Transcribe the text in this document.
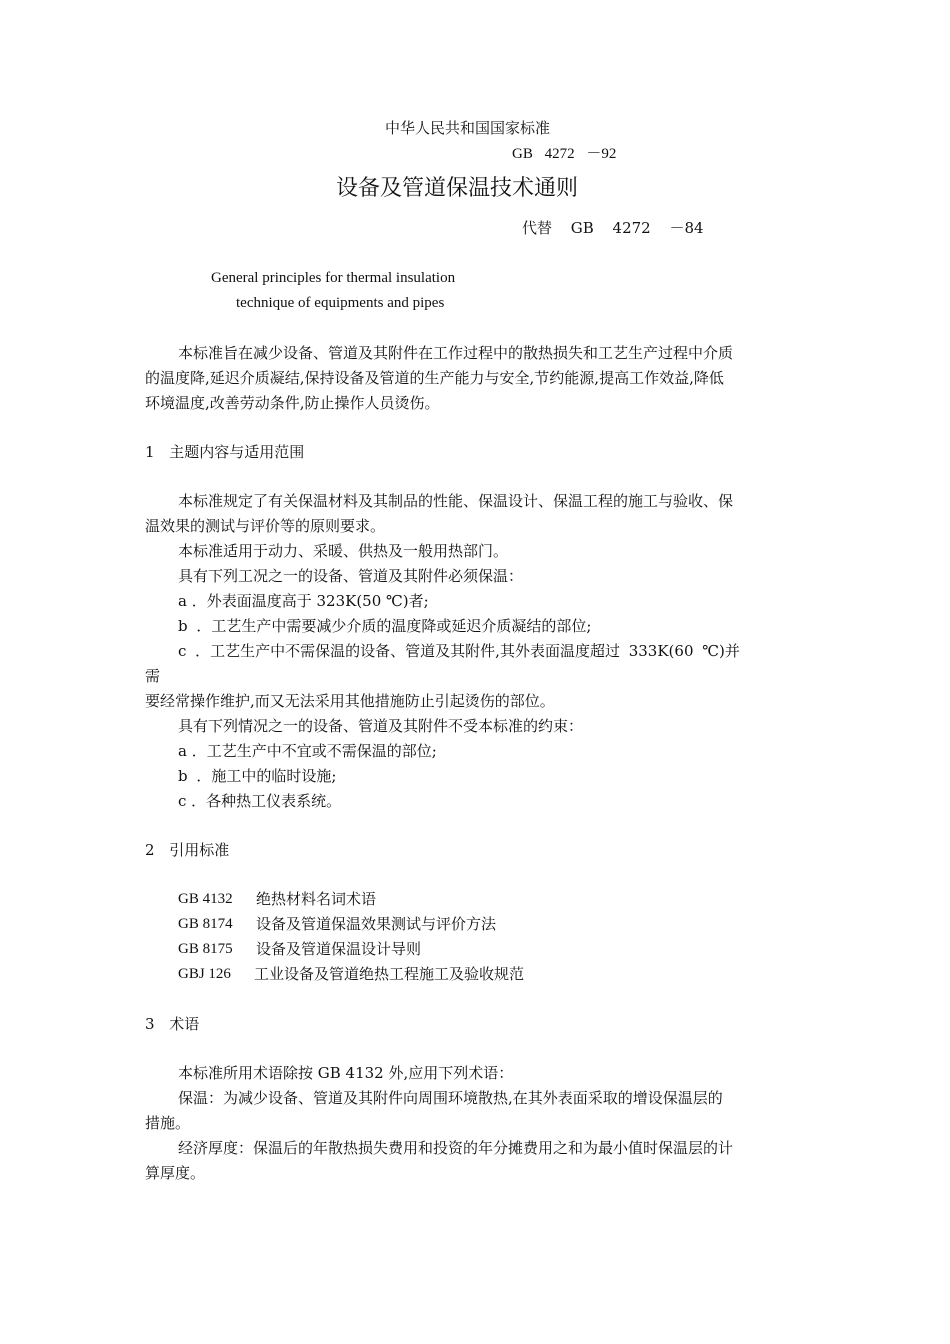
中华人民共和国国家标准
GB 4272 －92
设备及管道保温技术通则
代替 GB 4272 －84
General principles for thermal insulation
technique of equipments and pipes
本标准旨在减少设备、管道及其附件在工作过程中的散热损失和工艺生产过程中介质
的温度降,延迟介质凝结,保持设备及管道的生产能力与安全,节约能源,提高工作效益,降低
环境温度,改善劳动条件,防止操作人员烫伤。
1 主题内容与适用范围
本标准规定了有关保温材料及其制品的性能、保温设计、保温工程的施工与验收、保
温效果的测试与评价等的原则要求。
本标准适用于动力、采暖、供热及一般用热部门。
具有下列工况之一的设备、管道及其附件必须保温：
a ．外表面温度高于 323K(50 ℃)者;
b ．工艺生产中需要减少介质的温度降或延迟介质凝结的部位;
c ．工艺生产中不需保温的设备、管道及其附件,其外表面温度超过 333K(60 ℃)并
需
要经常操作维护,而又无法采用其他措施防止引起烫伤的部位。
具有下列情况之一的设备、管道及其附件不受本标准的约束：
a ．工艺生产中不宜或不需保温的部位;
b ．施工中的临时设施;
c ．各种热工仪表系统。
2 引用标准
GB 4132 绝热材料名词术语
GB 8174 设备及管道保温效果测试与评价方法
GB 8175 设备及管道保温设计导则
GBJ 126 工业设备及管道绝热工程施工及验收规范
3 术语
本标准所用术语除按 GB 4132 外,应用下列术语：
保温：为减少设备、管道及其附件向周围环境散热,在其外表面采取的增设保温层的
措施。
经济厚度：保温后的年散热损失费用和投资的年分摊费用之和为最小值时保温层的计
算厚度。
